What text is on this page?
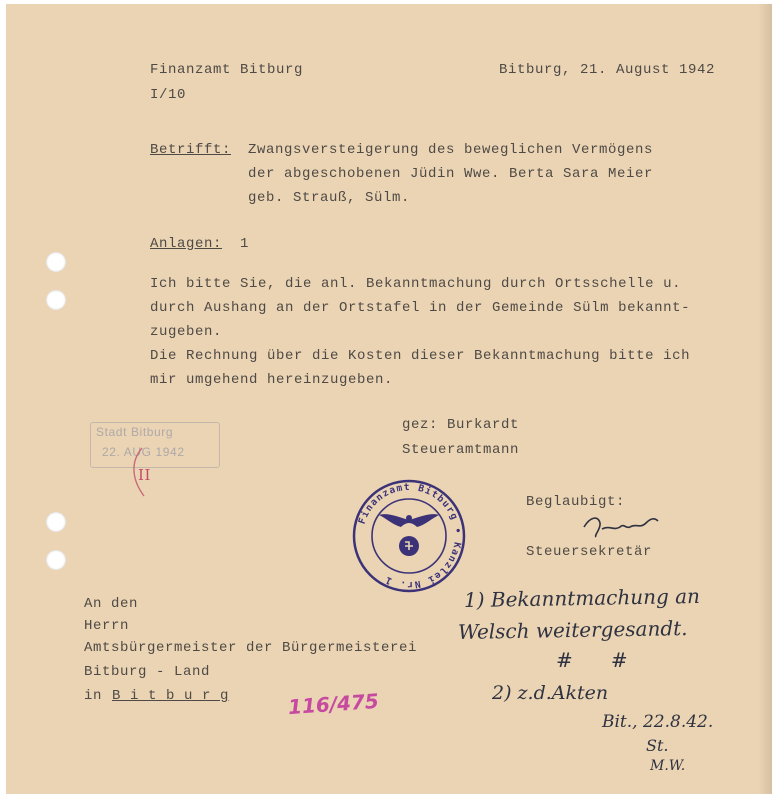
Finanzamt Bitburg
I/10
Bitburg, 21. August 1942
Betrifft: Zwangsversteigerung des beweglichen Vermögens
der abgeschobenen Jüdin Wwe. Berta Sara Meier
geb. Strauß, Sülm.
Anlagen: 1
Ich bitte Sie, die anl. Bekanntmachung durch Ortsschelle u.
durch Aushang an der Ortstafel in der Gemeinde Sülm bekannt-
zugeben.
Die Rechnung über die Kosten dieser Bekanntmachung bitte ich
mir umgehend hereinzugeben.
gez: Burkardt
Steueramtmann
Stadt Bitburg
22. AUG 1942
II
Finanzamt Bitburg • Kanzlei Nr. 1
Beglaubigt:
Steuersekretär
An den
Herrn
Amtsbürgermeister der Bürgermeisterei
Bitburg - Land
in B i t b u r g	116/475
1) Bekanntmachung an
Welsch weitergesandt.
#      #
2) z.d.Akten
Bit., 22.8.42.
St.
M.W.
